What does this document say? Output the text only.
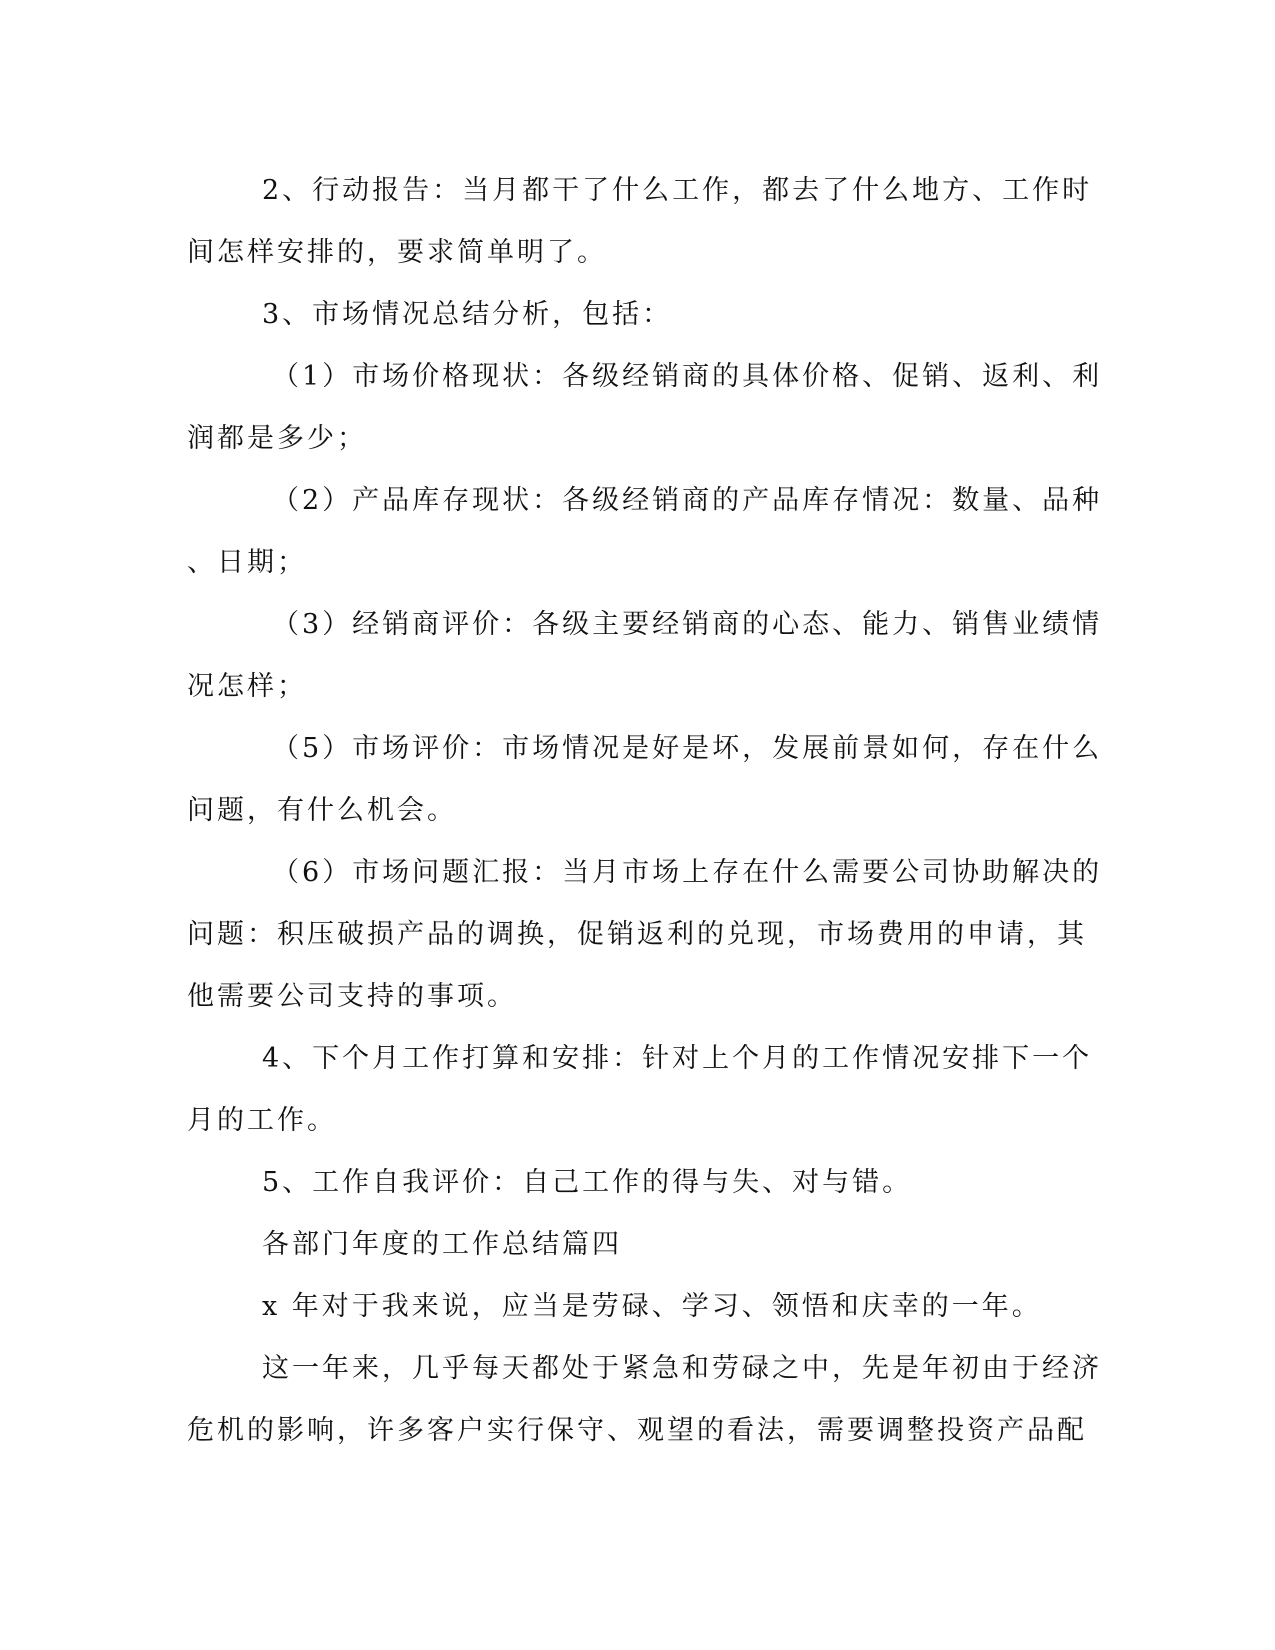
2、行动报告：当月都干了什么工作，都去了什么地方、工作时
间怎样安排的，要求简单明了。
3、市场情况总结分析，包括：
（1）市场价格现状：各级经销商的具体价格、促销、返利、利
润都是多少；
（2）产品库存现状：各级经销商的产品库存情况：数量、品种
、日期；
（3）经销商评价：各级主要经销商的心态、能力、销售业绩情
况怎样；
（5）市场评价：市场情况是好是坏，发展前景如何，存在什么
问题，有什么机会。
（6）市场问题汇报：当月市场上存在什么需要公司协助解决的
问题：积压破损产品的调换，促销返利的兑现，市场费用的申请，其
他需要公司支持的事项。
4、下个月工作打算和安排：针对上个月的工作情况安排下一个
月的工作。
5、工作自我评价：自己工作的得与失、对与错。
各部门年度的工作总结篇四
x 年对于我来说，应当是劳碌、学习、领悟和庆幸的一年。
这一年来，几乎每天都处于紧急和劳碌之中，先是年初由于经济
危机的影响，许多客户实行保守、观望的看法，需要调整投资产品配
